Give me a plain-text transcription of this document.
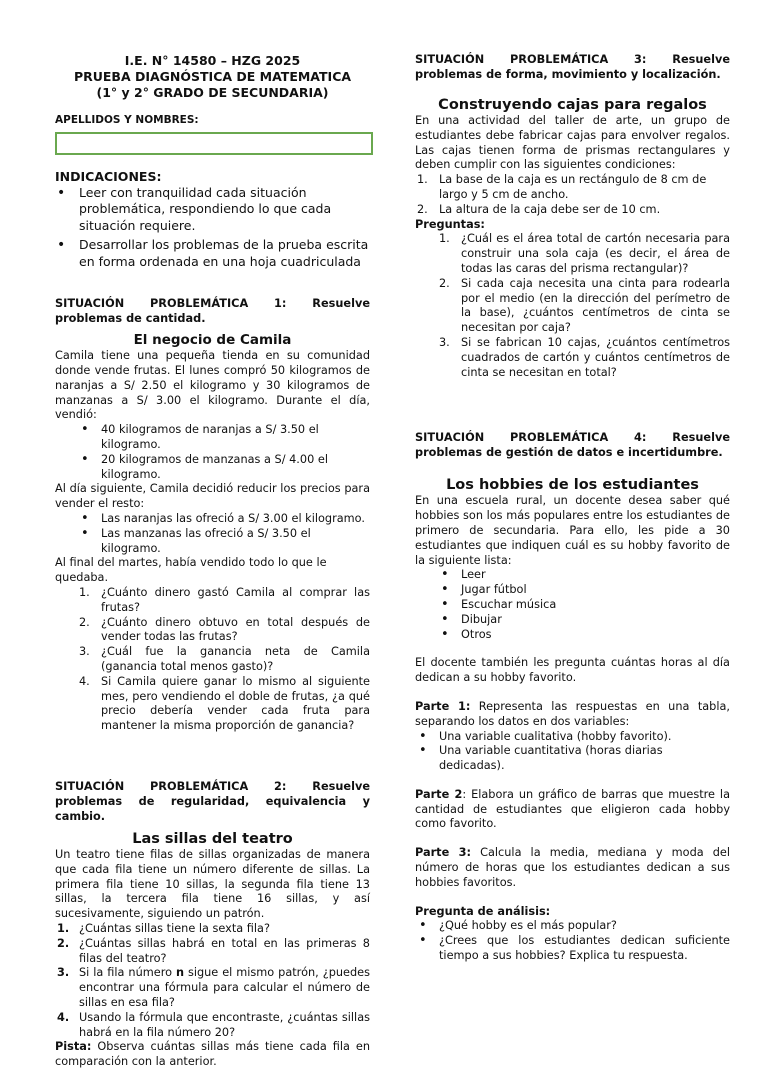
I.E. N° 14580 – HZG 2025
PRUEBA DIAGNÓSTICA DE MATEMATICA
(1° y 2° GRADO DE SECUNDARIA)
APELLIDOS Y NOMBRES:
INDICACIONES:
• Leer con tranquilidad cada situación problemática, respondiendo lo que cada situación requiere.
• Desarrollar los problemas de la prueba escrita en forma ordenada en una hoja cuadriculada
SITUACIÓN PROBLEMÁTICA 1: Resuelve problemas de cantidad.
El negocio de Camila
Camila tiene una pequeña tienda en su comunidad donde vende frutas. El lunes compró 50 kilogramos de naranjas a S/ 2.50 el kilogramo y 30 kilogramos de manzanas a S/ 3.00 el kilogramo. Durante el día, vendió:
• 40 kilogramos de naranjas a S/ 3.50 el kilogramo.
• 20 kilogramos de manzanas a S/ 4.00 el kilogramo.
Al día siguiente, Camila decidió reducir los precios para vender el resto:
• Las naranjas las ofreció a S/ 3.00 el kilogramo.
• Las manzanas las ofreció a S/ 3.50 el kilogramo.
Al final del martes, había vendido todo lo que le quedaba.
1. ¿Cuánto dinero gastó Camila al comprar las frutas?
2. ¿Cuánto dinero obtuvo en total después de vender todas las frutas?
3. ¿Cuál fue la ganancia neta de Camila (ganancia total menos gasto)?
4. Si Camila quiere ganar lo mismo al siguiente mes, pero vendiendo el doble de frutas, ¿a qué precio debería vender cada fruta para mantener la misma proporción de ganancia?
SITUACIÓN PROBLEMÁTICA 2: Resuelve problemas de regularidad, equivalencia y cambio.
Las sillas del teatro
Un teatro tiene filas de sillas organizadas de manera que cada fila tiene un número diferente de sillas. La primera fila tiene 10 sillas, la segunda fila tiene 13 sillas, la tercera fila tiene 16 sillas, y así sucesivamente, siguiendo un patrón.
1. ¿Cuántas sillas tiene la sexta fila?
2. ¿Cuántas sillas habrá en total en las primeras 8 filas del teatro?
3. Si la fila número n sigue el mismo patrón, ¿puedes encontrar una fórmula para calcular el número de sillas en esa fila?
4. Usando la fórmula que encontraste, ¿cuántas sillas habrá en la fila número 20?
Pista: Observa cuántas sillas más tiene cada fila en comparación con la anterior.
SITUACIÓN PROBLEMÁTICA 3: Resuelve problemas de forma, movimiento y localización.
Construyendo cajas para regalos
En una actividad del taller de arte, un grupo de estudiantes debe fabricar cajas para envolver regalos. Las cajas tienen forma de prismas rectangulares y deben cumplir con las siguientes condiciones:
1. La base de la caja es un rectángulo de 8 cm de largo y 5 cm de ancho.
2. La altura de la caja debe ser de 10 cm.
Preguntas:
1. ¿Cuál es el área total de cartón necesaria para construir una sola caja (es decir, el área de todas las caras del prisma rectangular)?
2. Si cada caja necesita una cinta para rodearla por el medio (en la dirección del perímetro de la base), ¿cuántos centímetros de cinta se necesitan por caja?
3. Si se fabrican 10 cajas, ¿cuántos centímetros cuadrados de cartón y cuántos centímetros de cinta se necesitan en total?
SITUACIÓN PROBLEMÁTICA 4: Resuelve problemas de gestión de datos e incertidumbre.
Los hobbies de los estudiantes
En una escuela rural, un docente desea saber qué hobbies son los más populares entre los estudiantes de primero de secundaria. Para ello, les pide a 30 estudiantes que indiquen cuál es su hobby favorito de la siguiente lista:
• Leer
• Jugar fútbol
• Escuchar música
• Dibujar
• Otros
El docente también les pregunta cuántas horas al día dedican a su hobby favorito.
Parte 1: Representa las respuestas en una tabla, separando los datos en dos variables:
• Una variable cualitativa (hobby favorito).
• Una variable cuantitativa (horas diarias dedicadas).
Parte 2: Elabora un gráfico de barras que muestre la cantidad de estudiantes que eligieron cada hobby como favorito.
Parte 3: Calcula la media, mediana y moda del número de horas que los estudiantes dedican a sus hobbies favoritos.
Pregunta de análisis:
• ¿Qué hobby es el más popular?
• ¿Crees que los estudiantes dedican suficiente tiempo a sus hobbies? Explica tu respuesta.
